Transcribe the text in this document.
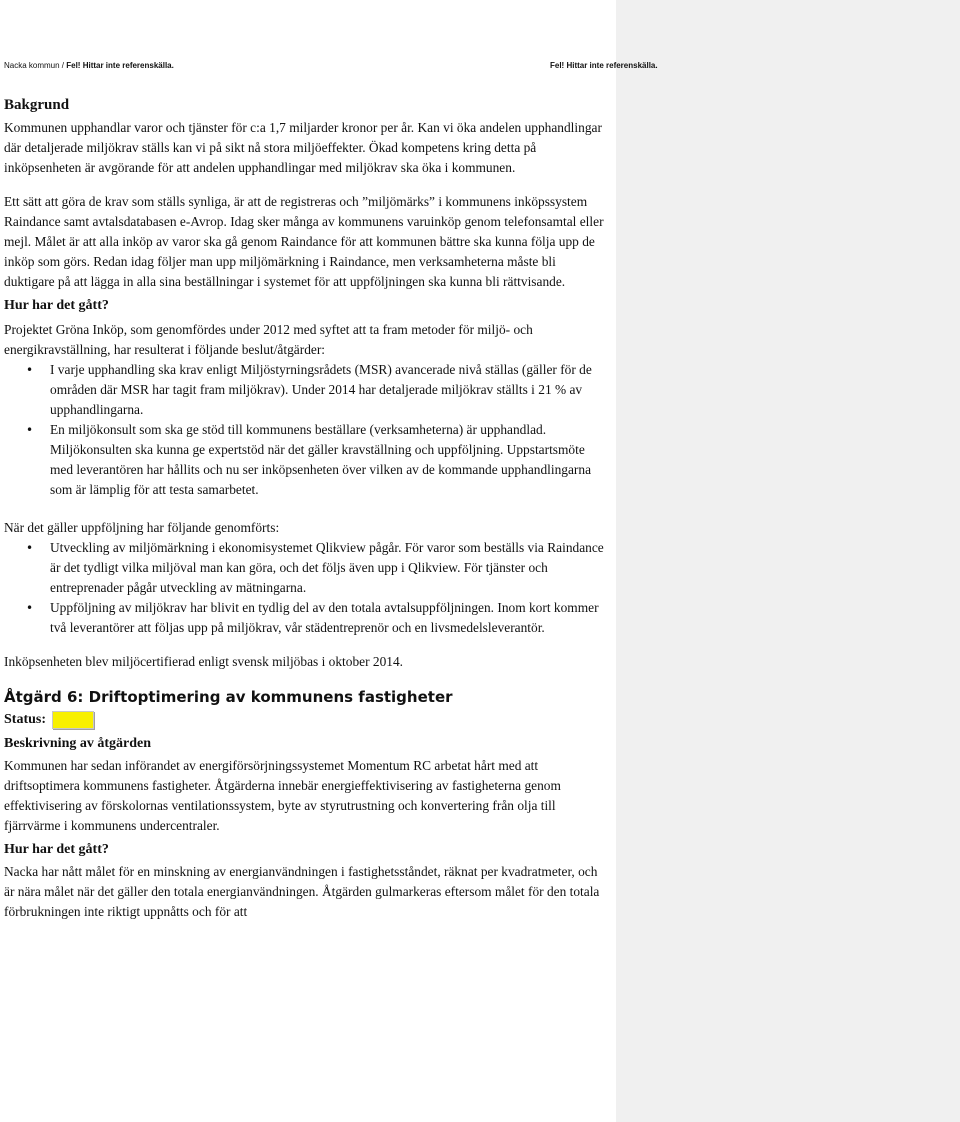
Nacka kommun / Fel! Hittar inte referenskälla.	Fel! Hittar inte referenskälla.
Bakgrund

Kommunen upphandlar varor och tjänster för c:a 1,7 miljarder kronor per år. Kan vi öka andelen upphandlingar där detaljerade miljökrav ställs kan vi på sikt nå stora miljöeffekter. Ökad kompetens kring detta på inköpsenheten är avgörande för att andelen upphandlingar med miljökrav ska öka i kommunen.

Ett sätt att göra de krav som ställs synliga, är att de registreras och ”miljömärks” i kommunens inköpssystem Raindance samt avtalsdatabasen e-Avrop. Idag sker många av kommunens varuinköp genom telefonsamtal eller mejl. Målet är att alla inköp av varor ska gå genom Raindance för att kommunen bättre ska kunna följa upp de inköp som görs. Redan idag följer man upp miljömärkning i Raindance, men verksamheterna måste bli duktigare på att lägga in alla sina beställningar i systemet för att uppföljningen ska kunna bli rättvisande.

Hur har det gått?

Projektet Gröna Inköp, som genomfördes under 2012 med syftet att ta fram metoder för miljö- och energikravställning, har resulterat i följande beslut/åtgärder:

• I varje upphandling ska krav enligt Miljöstyrningsrådets (MSR) avancerade nivå ställas (gäller för de områden där MSR har tagit fram miljökrav). Under 2014 har detaljerade miljökrav ställts i 21 % av upphandlingarna.
• En miljökonsult som ska ge stöd till kommunens beställare (verksamheterna) är upphandlad. Miljökonsulten ska kunna ge expertstöd när det gäller kravställning och uppföljning. Uppstartsmöte med leverantören har hållits och nu ser inköpsenheten över vilken av de kommande upphandlingarna som är lämplig för att testa samarbetet.

När det gäller uppföljning har följande genomförts:

• Utveckling av miljömärkning i ekonomisystemet Qlikview pågår. För varor som beställs via Raindance är det tydligt vilka miljöval man kan göra, och det följs även upp i Qlikview. För tjänster och entreprenader pågår utveckling av mätningarna.
• Uppföljning av miljökrav har blivit en tydlig del av den totala avtalsuppföljningen. Inom kort kommer två leverantörer att följas upp på miljökrav, vår städentreprenör och en livsmedelsleverantör.

Inköpsenheten blev miljöcertifierad enligt svensk miljöbas i oktober 2014.

Åtgärd 6: Driftoptimering av kommunens fastigheter
Status:
Beskrivning av åtgärden

Kommunen har sedan införandet av energiförsörjningssystemet Momentum RC arbetat hårt med att driftsoptimera kommunens fastigheter. Åtgärderna innebär energieffektivisering av fastigheterna genom effektivisering av förskolornas ventilationssystem, byte av styrutrustning och konvertering från olja till fjärrvärme i kommunens undercentraler.

Hur har det gått?

Nacka har nått målet för en minskning av energianvändningen i fastighetsståndet, räknat per kvadratmeter, och är nära målet när det gäller den totala energianvändningen. Åtgärden gulmarkeras eftersom målet för den totala förbrukningen inte riktigt uppnåtts och för att
